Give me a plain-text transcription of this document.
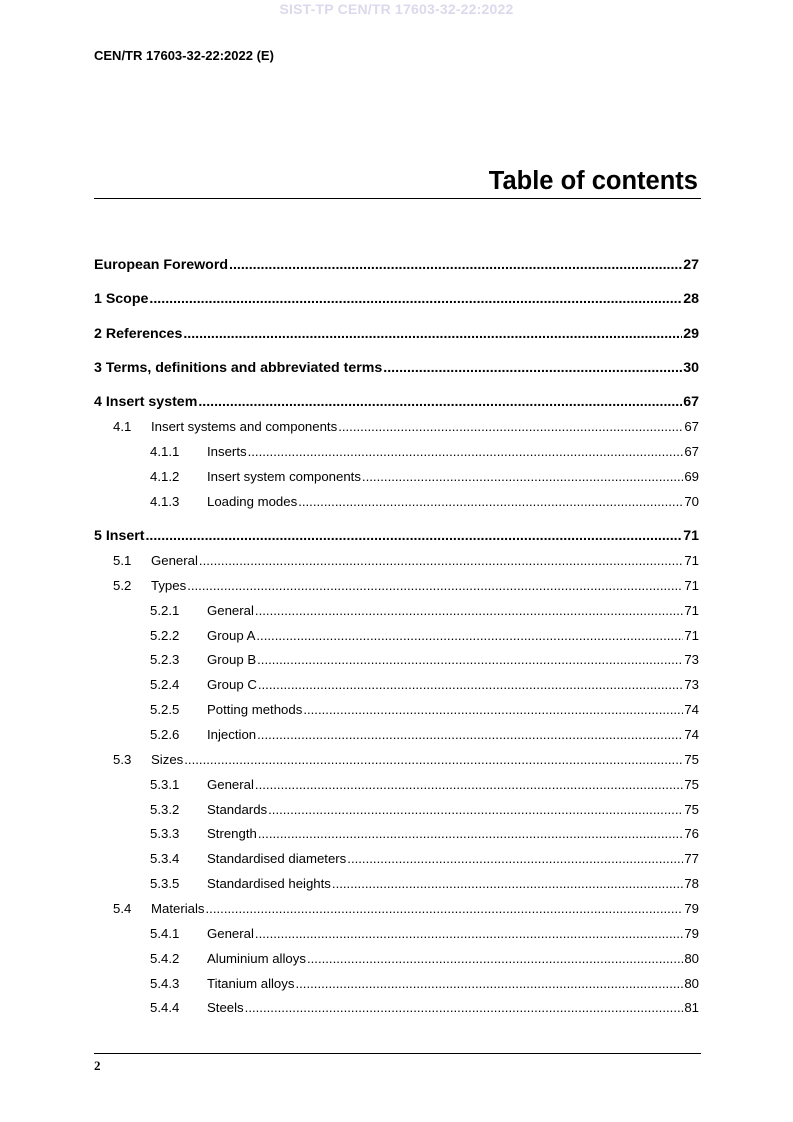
SIST-TP CEN/TR 17603-32-22:2022
CEN/TR 17603-32-22:2022 (E)
Table of contents
European Foreword .....	27
1 Scope .....	28
2 References .....	29
3 Terms, definitions and abbreviated terms .....	30
4 Insert system .....	67
4.1	Insert systems and components .....	67
4.1.1	Inserts .....	67
4.1.2	Insert system components .....	69
4.1.3	Loading modes .....	70
5 Insert .....	71
5.1	General .....	71
5.2	Types .....	71
5.2.1	General .....	71
5.2.2	Group A .....	71
5.2.3	Group B .....	73
5.2.4	Group C .....	73
5.2.5	Potting methods .....	74
5.2.6	Injection .....	74
5.3	Sizes .....	75
5.3.1	General .....	75
5.3.2	Standards .....	75
5.3.3	Strength .....	76
5.3.4	Standardised diameters .....	77
5.3.5	Standardised heights .....	78
5.4	Materials .....	79
5.4.1	General .....	79
5.4.2	Aluminium alloys .....	80
5.4.3	Titanium alloys .....	80
5.4.4	Steels .....	81
2
